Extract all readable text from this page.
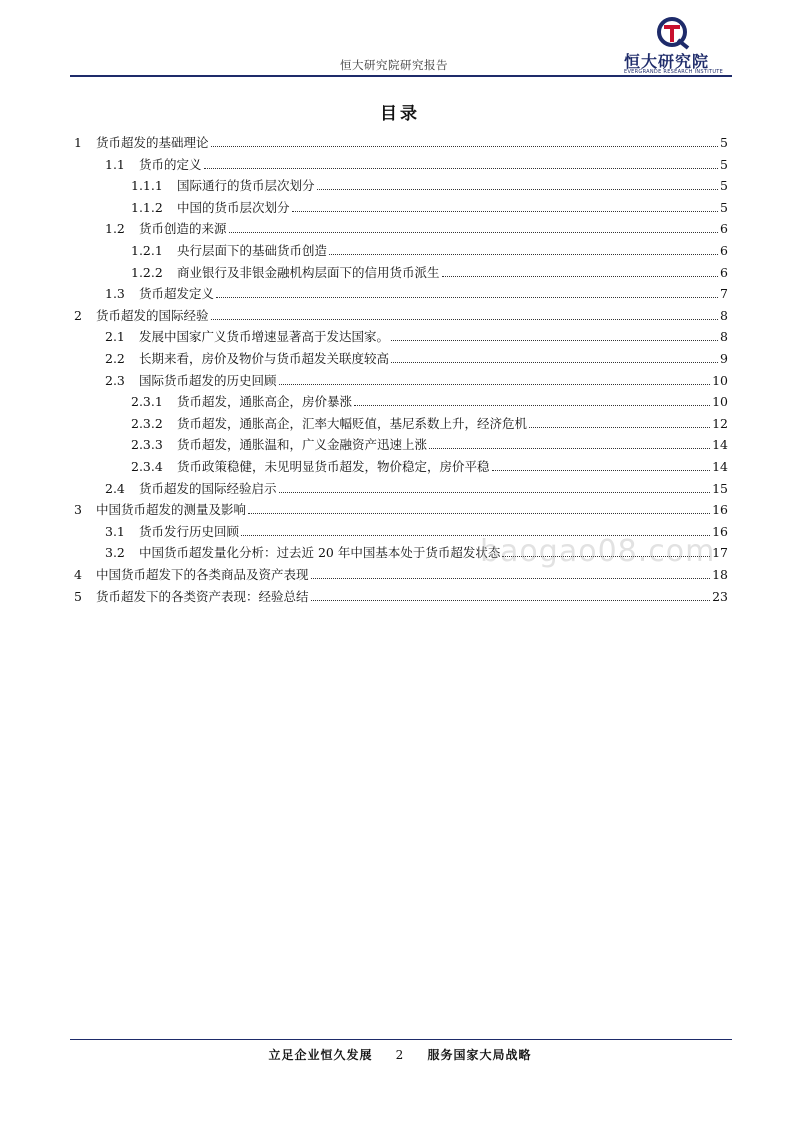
恒大研究院研究报告	恒大研究院
EVERGRANDE RESEARCH INSTITUTE
目录
1 货币超发的基础理论	5
1.1 货币的定义	5
1.1.1 国际通行的货币层次划分	5
1.1.2 中国的货币层次划分	5
1.2 货币创造的来源	6
1.2.1 央行层面下的基础货币创造	6
1.2.2 商业银行及非银金融机构层面下的信用货币派生	6
1.3 货币超发定义	7
2 货币超发的国际经验	8
2.1 发展中国家广义货币增速显著高于发达国家。	8
2.2 长期来看，房价及物价与货币超发关联度较高	9
2.3 国际货币超发的历史回顾	10
2.3.1 货币超发，通胀高企，房价暴涨	10
2.3.2 货币超发，通胀高企，汇率大幅贬值，基尼系数上升，经济危机	12
2.3.3 货币超发，通胀温和，广义金融资产迅速上涨	14
2.3.4 货币政策稳健，未见明显货币超发，物价稳定，房价平稳	14
2.4 货币超发的国际经验启示	15
3 中国货币超发的测量及影响	16
3.1 货币发行历史回顾	16
3.2 中国货币超发量化分析：过去近 20 年中国基本处于货币超发状态	17
4 中国货币超发下的各类商品及资产表现	18
5 货币超发下的各类资产表现：经验总结	23
baogao08.com
立足企业恒久发展 2 服务国家大局战略
